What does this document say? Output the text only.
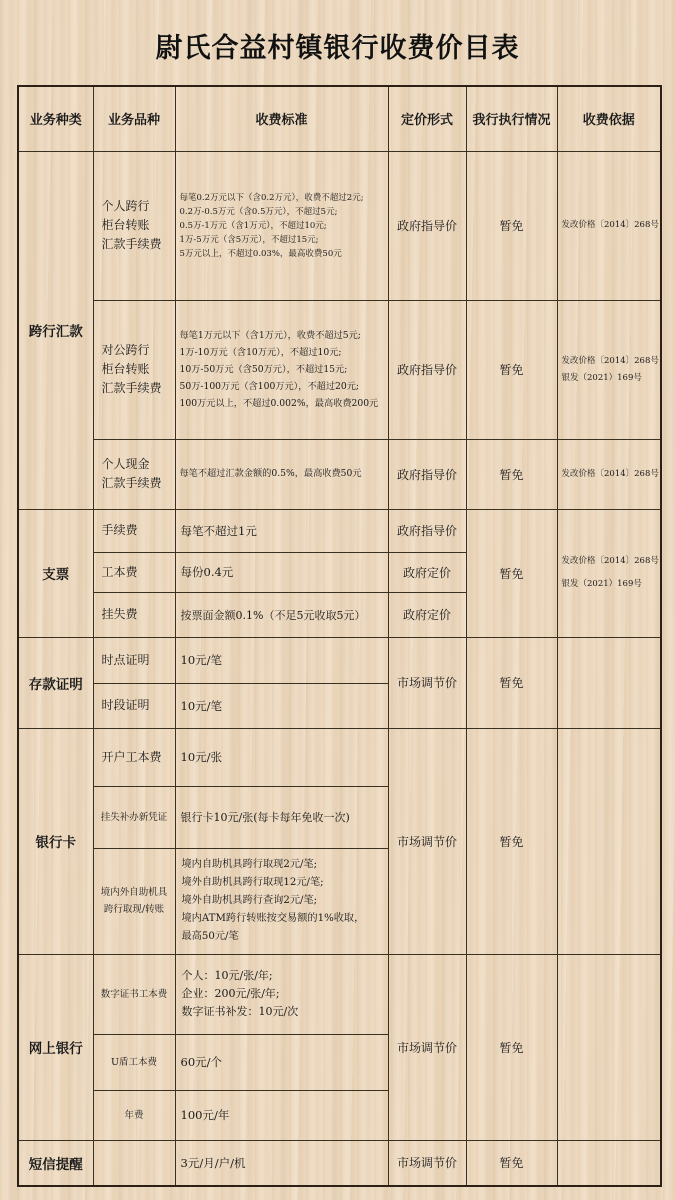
尉氏合益村镇银行收费价目表
业务种类	业务品种	收费标准	定价形式	我行执行情况	收费依据
跨行汇款	个人跨行
柜台转账
汇款手续费	每笔0.2万元以下（含0.2万元），收费不超过2元;
0.2万-0.5万元（含0.5万元），不超过5元;
0.5万-1万元（含1万元），不超过10元;
1万-5万元（含5万元），不超过15元;
5万元以上，不超过0.03%，最高收费50元	政府指导价	暂免	发改价格〔2014〕268号

	对公跨行
柜台转账
汇款手续费	每笔1万元以下（含1万元），收费不超过5元;
1万-10万元（含10万元），不超过10元;
10万-50万元（含50万元），不超过15元;
50万-100万元（含100万元），不超过20元;
100万元以上，不超过0.002%，最高收费200元	政府指导价	暂免	发改价格〔2014〕268号
银发（2021）169号

	个人现金
汇款手续费	每笔不超过汇款金额的0.5%，最高收费50元	政府指导价	暂免	发改价格〔2014〕268号

支票	手续费	每笔不超过1元	政府指导价	暂免	发改价格〔2014〕268号
银发（2021）169号

	工本费	每份0.4元	政府定价		
	挂失费	按票面金额0.1%（不足5元收取5元）	政府定价		
存款证明	时点证明	10元/笔	市场调节价	暂免	
	时段证明	10元/笔			
银行卡	开户工本费	10元/张	市场调节价	暂免	

	挂失补办新凭证	银行卡10元/张(每卡每年免收一次)			

	境内外自助机具
跨行取现/转账	境内自助机具跨行取现2元/笔;
境外自助机具跨行取现12元/笔;
境外自助机具跨行查询2元/笔;
境内ATM跨行转账按交易额的1%收取，
最高50元/笔			

网上银行	数字证书工本费	个人：10元/张/年;
企业：200元/张/年;
数字证书补发：10元/次	市场调节价	暂免	
	U盾工本费	60元/个			

	年费	100元/年			

短信提醒		3元/月/户/机	市场调节价	暂免	
